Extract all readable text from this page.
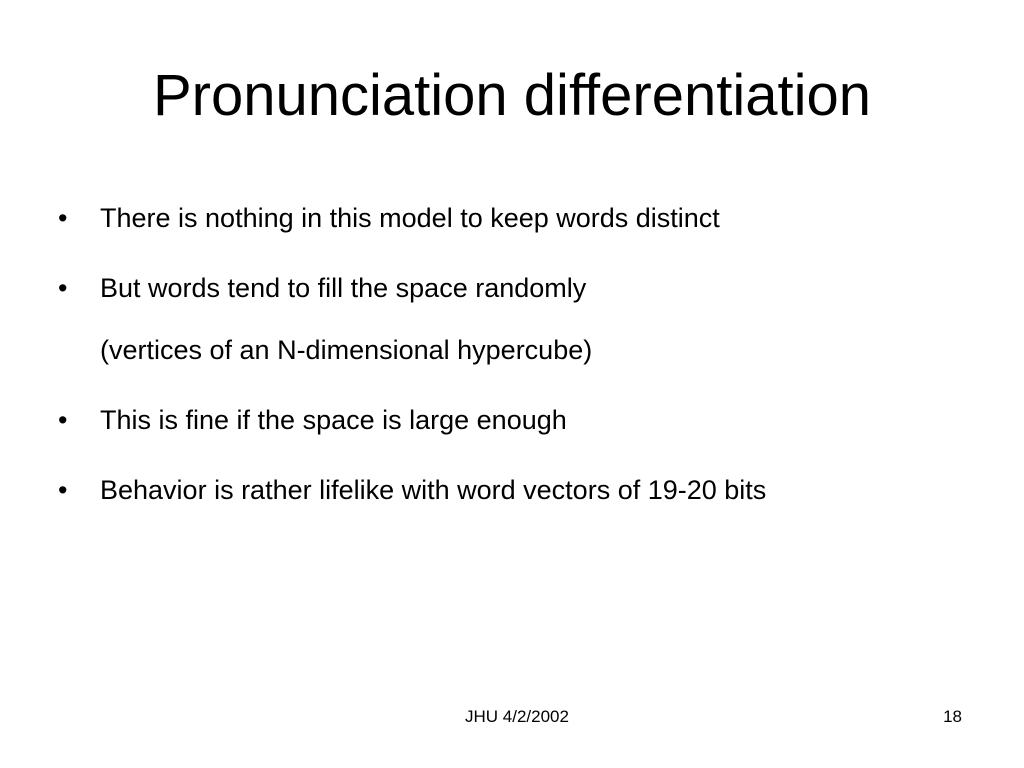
Pronunciation differentiation
•	There is nothing in this model to keep words distinct
•	But words tend to fill the space randomly
(vertices of an N-dimensional hypercube)
•	This is fine if the space is large enough
•	Behavior is rather lifelike with word vectors of 19-20 bits
JHU 4/2/2002	18
